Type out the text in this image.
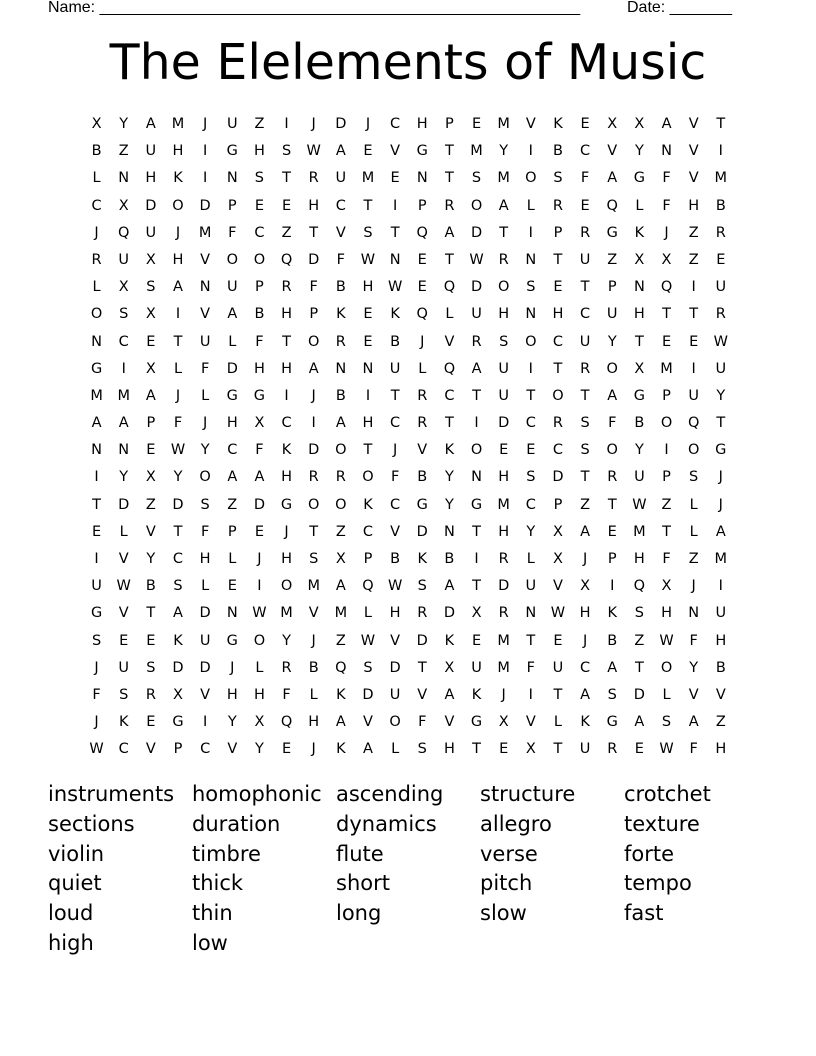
Name: ______________________________________________________	Date: _______
The Elelements of Music
X	Y	A	M	J	U	Z	I	J	D	J	C	H	P	E	M	V	K	E	X	X	A	V	T
B	Z	U	H	I	G	H	S	W	A	E	V	G	T	M	Y	I	B	C	V	Y	N	V	I
L	N	H	K	I	N	S	T	R	U	M	E	N	T	S	M	O	S	F	A	G	F	V	M
C	X	D	O	D	P	E	E	H	C	T	I	P	R	O	A	L	R	E	Q	L	F	H	B
J	Q	U	J	M	F	C	Z	T	V	S	T	Q	A	D	T	I	P	R	G	K	J	Z	R
R	U	X	H	V	O	O	Q	D	F	W	N	E	T	W	R	N	T	U	Z	X	X	Z	E
L	X	S	A	N	U	P	R	F	B	H	W	E	Q	D	O	S	E	T	P	N	Q	I	U
O	S	X	I	V	A	B	H	P	K	E	K	Q	L	U	H	N	H	C	U	H	T	T	R
N	C	E	T	U	L	F	T	O	R	E	B	J	V	R	S	O	C	U	Y	T	E	E	W
G	I	X	L	F	D	H	H	A	N	N	U	L	Q	A	U	I	T	R	O	X	M	I	U
M	M	A	J	L	G	G	I	J	B	I	T	R	C	T	U	T	O	T	A	G	P	U	Y
A	A	P	F	J	H	X	C	I	A	H	C	R	T	I	D	C	R	S	F	B	O	Q	T
N	N	E	W	Y	C	F	K	D	O	T	J	V	K	O	E	E	C	S	O	Y	I	O	G
I	Y	X	Y	O	A	A	H	R	R	O	F	B	Y	N	H	S	D	T	R	U	P	S	J
T	D	Z	D	S	Z	D	G	O	O	K	C	G	Y	G	M	C	P	Z	T	W	Z	L	J
E	L	V	T	F	P	E	J	T	Z	C	V	D	N	T	H	Y	X	A	E	M	T	L	A
I	V	Y	C	H	L	J	H	S	X	P	B	K	B	I	R	L	X	J	P	H	F	Z	M
U	W	B	S	L	E	I	O	M	A	Q W	S	A	T	D	U	V	X	I	Q	X	J	I
G	V	T	A	D	N	W M	V	M	L	H	R	D	X	R	N	W	H	K	S	H	N	U
S	E	E	K	U	G	O	Y	J	Z	W	V	D	K	E	M	T	E	J	B	Z	W	F	H
J	U	S	D	D	J	L	R	B	Q	S	D	T	X	U	M	F	U	C	A	T	O	Y	B
F	S	R	X	V	H	H	F	L	K	D	U	V	A	K	J	I	T	A	S	D	L	V	V
J	K	E	G	I	Y	X	Q	H	A	V	O	F	V	G	X	V	L	K	G	A	S	A	Z
W	C	V	P	C	V	Y	E	J	K	A	L	S	H	T	E	X	T	U	R	E	W	F	H
instruments homophonic ascending	structure	crotchet
sections	duration	dynamics	allegro	texture
violin	timbre	flute	verse	forte
quiet	thick	short	pitch	tempo
loud	thin	long	slow	fast
high	low
